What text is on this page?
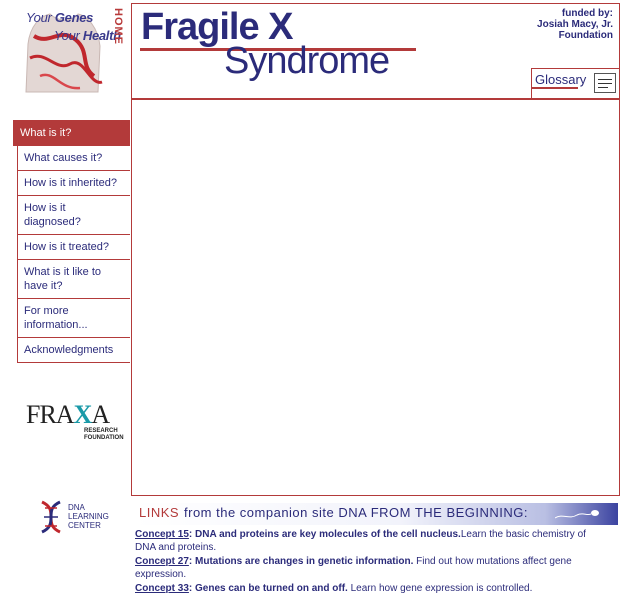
Your Genes
Your Health
HOME Fragile X
Syndrome
funded by:
Josiah Macy, Jr.
Foundation
Glossary
What is it?
What causes it?
How is it inherited?
How is it diagnosed?
How is it treated?
What is it like to have it?
For more information...
Acknowledgments
FRAXA
RESEARCH
FOUNDATION
DNA
LEARNING
CENTER
LINKS from the companion site DNA FROM THE BEGINNING:

Concept 15: DNA and proteins are key molecules of the cell nucleus.Learn the basic chemistry of DNA and proteins.

Concept 27: Mutations are changes in genetic information. Find out how mutations affect gene expression.

Concept 33: Genes can be turned on and off. Learn how gene expression is controlled.
